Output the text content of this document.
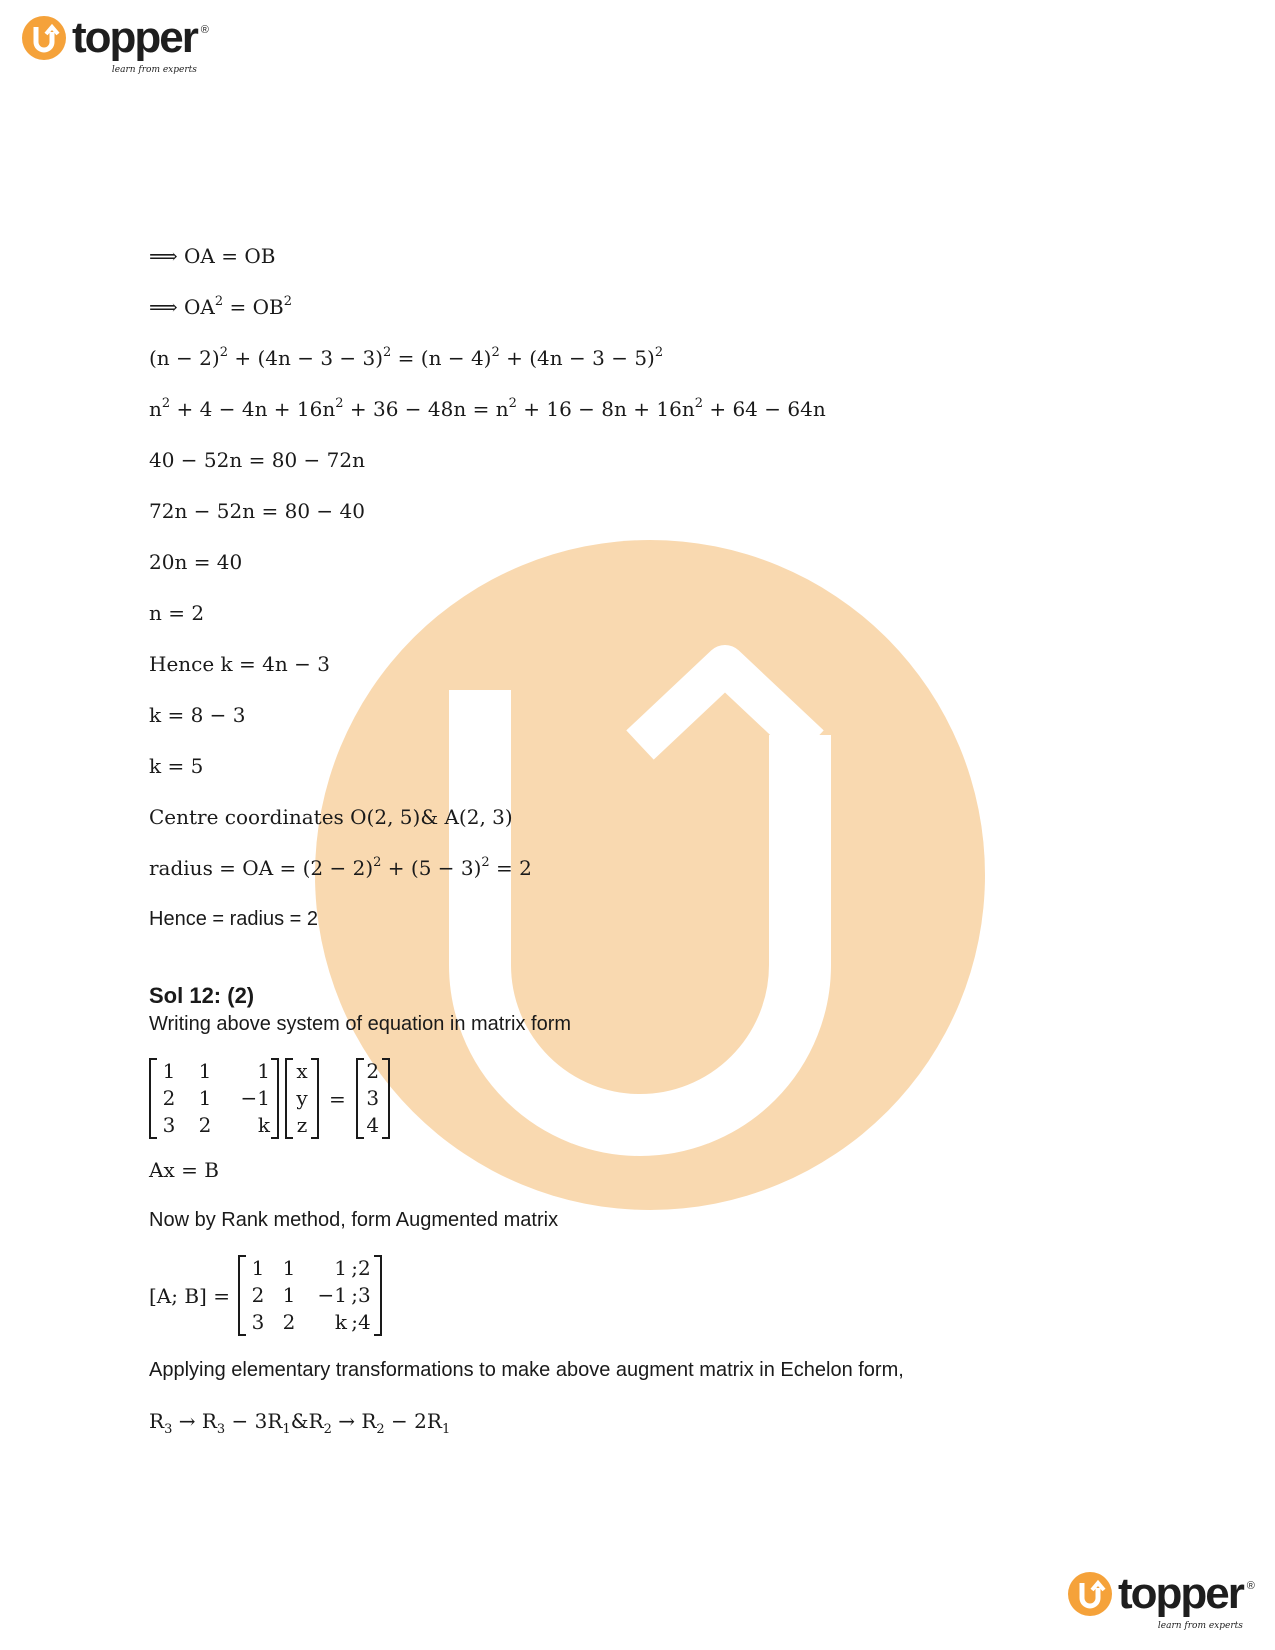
topper ®
learn from experts
⟹ OA = OB
⟹ $OA^2 = OB^2$
$(n - 2)^2 + (4n - 3 - 3)^2 = (n - 4)^2 + (4n - 3 - 5)^2$
$n^2 + 4 - 4n + 16n^2 + 36 - 48n = n^2 + 16 - 8n + 16n^2 + 64 - 64n$
40 − 52n = 80 − 72n
72n − 52n = 80 − 40
20n = 40
n = 2
Hence k = 4n − 3
k = 8 − 3
k = 5
Centre coordinates O(2, 5)& A(2, 3)
radius = OA = $(2 - 2)^2 + (5 - 3)^2 = 2$
Hence = radius = 2
Sol 12: (2)
Writing above system of equation in matrix form
1	1	1
2	1	−1
3	2	k
x
y
z
=
2
3
4
Ax = B
Now by Rank method, form Augmented matrix
[A; B] =
1 1	1 ;2
2 1	−1 ;3
3 2	k ;4
Applying elementary transformations to make above augment matrix in Echelon form,
$R_3 \to R_3$ − $3R_1\&R_2 \to R_2 - 2R_1$
topper ®
learn from experts
